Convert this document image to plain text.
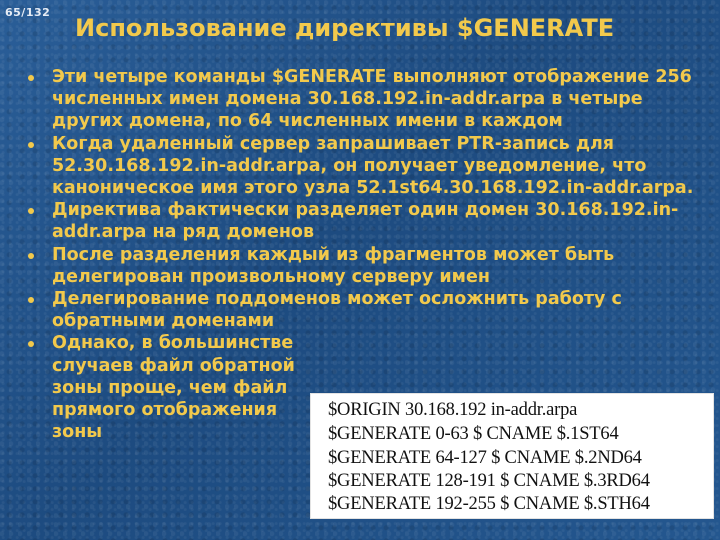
65/132
Использование директивы $GENERATE
Эти четыре команды $GENERATE выполняют отображение 256 численных имен домена 30.168.192.in-addr.arpa в четыре других домена, по 64 численных имени в каждом
Когда удаленный сервер запрашивает PTR-запись для 52.30.168.192.in-addr.arpa, он получает уведомление, что каноническое имя этого узла 52.1st64.30.168.192.in-addr.arpa.
Директива фактически разделяет один домен 30.168.192.in-addr.arpa на ряд доменов
После разделения каждый из фрагментов может быть делегирован произвольному серверу имен
Делегирование поддоменов может осложнить работу с обратными доменами
Однако, в большинстве случаев файл обратной зоны проще, чем файл прямого отображения зоны
$ORIGIN 30.168.192 in-addr.arpa
$GENERATE 0-63 $ CNAME $.1ST64
$GENERATE 64-127 $ CNAME $.2ND64
$GENERATE 128-191 $ CNAME $.3RD64
$GENERATE 192-255 $ CNAME $.STH64
